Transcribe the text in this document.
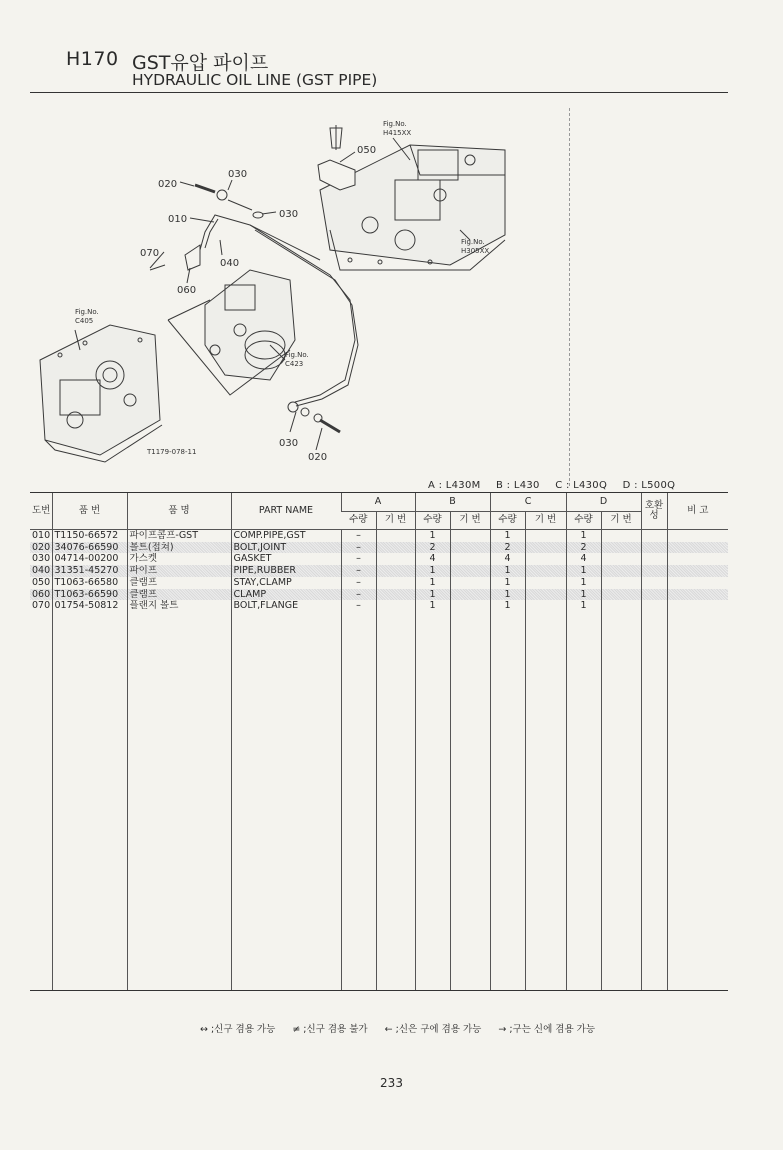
H170 GST유압 파이프
HYDRAULIC OIL LINE (GST PIPE)
020
030
010	030
040
070
060
050
030
020
Fig.No.
H415XX
Fig.No.
H305XX
Fig.No.
C405
Fig.No.
C423
T1179-078-11
A : L430M B : L430 C : L430Q D : L500Q
도번	품 번	품 명	PART NAME	A		B		C		D		호환성	비 고
				수량	기 번	수량	기 번	수량	기 번	수량	기 번		
010	T1150-66572	파이프콤프-GST	COMP.PIPE,GST	–		1		1		1			
020	34076-66590	볼트(접쳐)	BOLT,JOINT	–		2		2		2			
030	04714-00200	가스켓	GASKET	–		4		4		4			
040	31351-45270	파이프	PIPE,RUBBER	–		1		1		1			
050	T1063-66580	클램프	STAY,CLAMP	–		1		1		1			
060	T1063-66590	클램프	CLAMP	–		1		1		1			
070	01754-50812	플랜지 볼트	BOLT,FLANGE	–		1		1		1			

↔ ;신구 겸용 가능 ≠ ;신구 겸용 불가 ← ;신은 구에 겸용 가능 → ;구는 신에 겸용 가능
233
